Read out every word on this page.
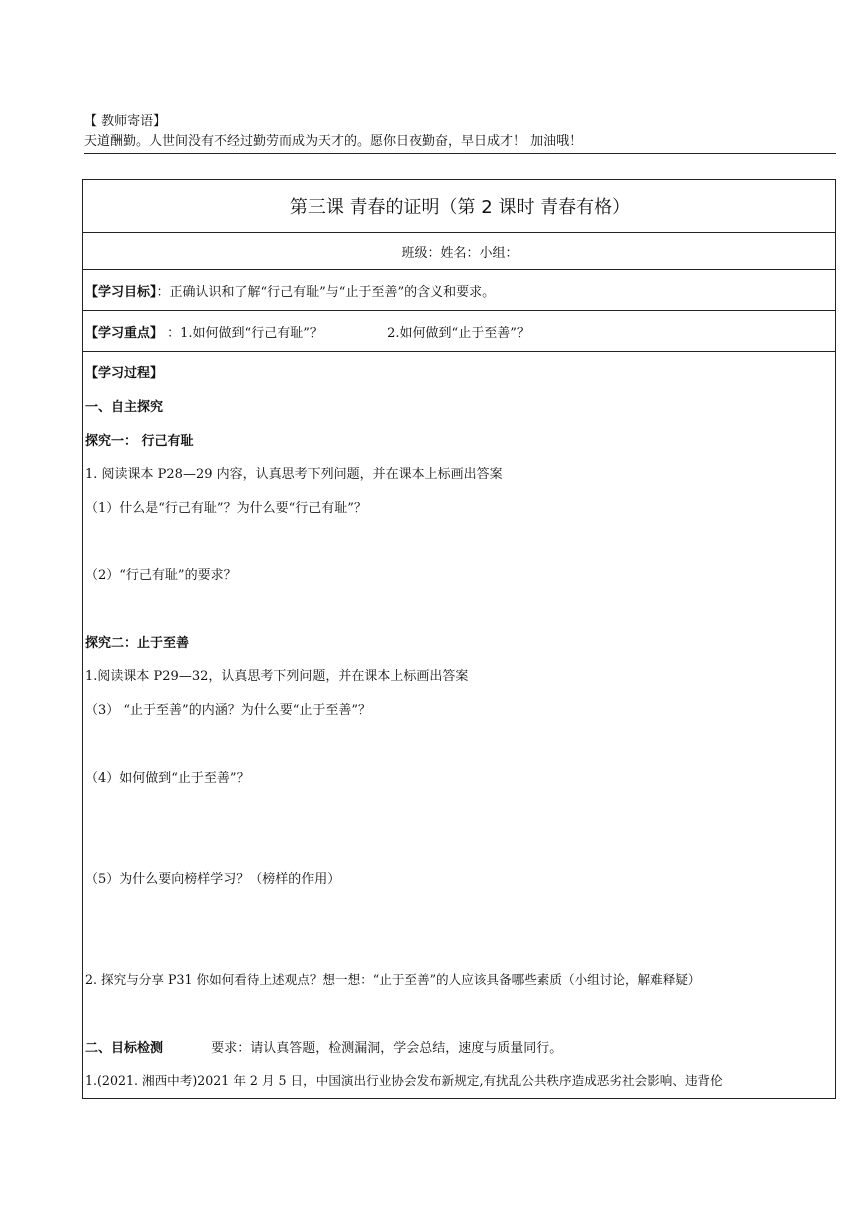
【 教师寄语】
天道酬勤。人世间没有不经过勤劳而成为天才的。愿你日夜勤奋，早日成才！ 加油哦！
第三课 青春的证明（第 2 课时 青春有格）
班级：姓名：小组：
【学习目标】：正确认识和了解“行己有耻”与“止于至善”的含义和要求。
【学习重点】 ：1.如何做到“行己有耻”？	2.如何做到“止于至善”？

【学习过程】
一、自主探究
探究一： 行己有耻
1. 阅读课本 P28—29 内容，认真思考下列问题，并在课本上标画出答案
（1）什么是“行己有耻”？为什么要“行己有耻”？
（2）“行己有耻”的要求？
探究二：止于至善
1.阅读课本 P29—32，认真思考下列问题，并在课本上标画出答案
（3） “止于至善”的内涵？为什么要“止于至善”？
（4）如何做到“止于至善”？
（5）为什么要向榜样学习？（榜样的作用）
2. 探究与分享 P31 你如何看待上述观点？想一想：“止于至善”的人应该具备哪些素质（小组讨论，解难释疑）
二、目标检测	要求：请认真答题，检测漏洞，学会总结，速度与质量同行。
1.(2021. 湘西中考)2021 年 2 月 5 日，中国演出行业协会发布新规定,有扰乱公共秩序造成恶劣社会影响、违背伦
